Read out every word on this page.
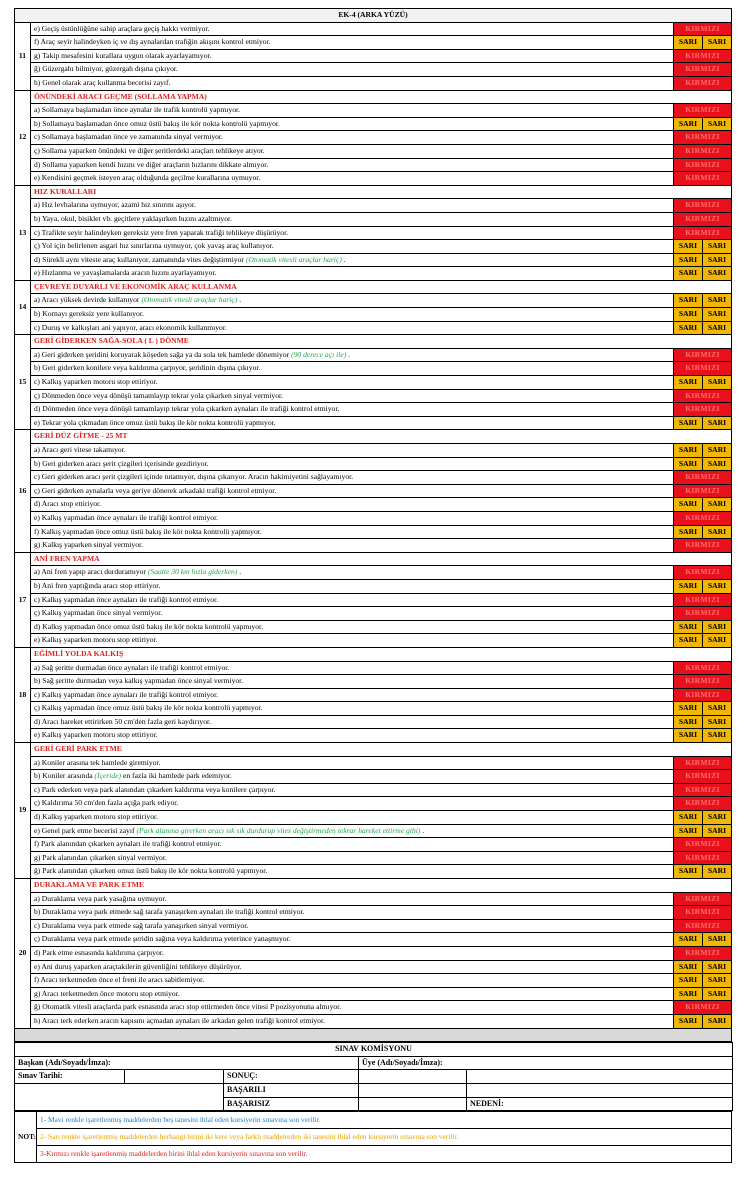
EK-4 (ARKA YÜZÜ)			
11	e) Geçiş üstünlüğüne sahip araçlara geçiş hakkı vermiyor.	KIRMIZI	
	f) Araç seyir halindeyken iç ve dış aynalardan trafiğin akışını kontrol etmiyor.	SARI	SARI
	g) Takip mesafesini kurallara uygun olarak ayarlayamıyor.	KIRMIZI	
	ğ) Güzergahı bilmiyor, güzergah dışına çıkıyor.	KIRMIZI	
	h) Genel olarak araç kullanma becerisi zayıf.	KIRMIZI	
12	ÖNÜNDEKİ ARACI GEÇME (SOLLAMA YAPMA)		
	a) Sollamaya başlamadan önce aynalar ile trafik kontrolü yapmıyor.	KIRMIZI	
	b) Sollamaya başlamadan önce omuz üstü bakış ile kör nokta kontrolü yapmıyor.	SARI	SARI
	c) Sollamaya başlamadan önce ve zamanında sinyal vermiyor.	KIRMIZI	
	ç) Sollama yaparken önündeki ve diğer şeritlerdeki araçları tehlikeye atıyor.	KIRMIZI	
	d) Sollama yaparken kendi hızını ve diğer araçların hızlarını dikkate almıyor.	KIRMIZI	
	e) Kendisini geçmek isteyen araç olduğunda geçilme kurallarına uymuyor.	KIRMIZI	
13	HIZ KURALLARI		
	a) Hız levhalarına uymuyor, azami hız sınırını aşıyor.	KIRMIZI	
	b) Yaya, okul, bisiklet vb. geçitlere yaklaşırken hızını azaltmıyor.	KIRMIZI	
	c) Trafikte seyir halindeyken gereksiz yere fren yaparak trafiği tehlikeye düşürüyor.	KIRMIZI	
	ç) Yol için belirlenen asgari hız sınırlarına uymuyor, çok yavaş araç kullanıyor.	SARI	SARI
	d) Sürekli aynı viteste araç kullanıyor, zamanında vites değiştirmiyor (Otomatik vitesli araçlar hariç) .	SARI	SARI
	e) Hızlanma ve yavaşlamalarda aracın hızını ayarlayamıyor.	SARI	SARI
14	ÇEVREYE DUYARLI VE EKONOMİK ARAÇ KULLANMA		
	a) Aracı yüksek devirde kullanıyor (Otomatik vitesli araçlar hariç) .	SARI	SARI
	b) Kornayı gereksiz yere kullanıyor.	SARI	SARI
	c) Duruş ve kalkışları ani yapıyor, aracı ekonomik kullanmıyor.	SARI	SARI
15	GERİ GİDERKEN SAĞA-SOLA ( L ) DÖNME		
	a) Geri giderken şeridini koruyarak köşeden sağa ya da sola tek hamlede dönemiyor (90 derece açı ile) .	KIRMIZI	
	b) Geri giderken konilere veya kaldırıma çarpıyor, şeridinin dışına çıkıyor.	KIRMIZI	
	c) Kalkış yaparken motoru stop ettiriyor.	SARI	SARI
	ç) Dönmeden önce veya dönüşü tamamlayıp tekrar yola çıkarken sinyal vermiyor.	KIRMIZI	
	d) Dönmeden önce veya dönüşü tamamlayıp tekrar yola çıkarken aynaları ile trafiği kontrol etmiyor.	KIRMIZI	
	e) Tekrar yola çıkmadan önce omuz üstü bakış ile kör nokta kontrolü yapmıyor.	SARI	SARI
16	GERİ DÜZ GİTME - 25 MT		
	a) Aracı geri vitese takamıyor.	SARI	SARI
	b) Geri giderken aracı şerit çizgileri içerisinde gezdiriyor.	SARI	SARI
	c) Geri giderken aracı şerit çizgileri içinde tutamıyor, dışına çıkarıyor. Aracın hakimiyetini sağlayamıyor.	KIRMIZI	
	ç) Geri giderken aynalarla veya geriye dönerek arkadaki trafiği kontrol etmiyor.	KIRMIZI	
	d) Aracı stop ettiriyor.	SARI	SARI
	e) Kalkış yapmadan önce aynaları ile trafiği kontrol etmiyor.	KIRMIZI	
	f) Kalkış yapmadan önce omuz üstü bakış ile kör nokta kontrolü yapmıyor.	SARI	SARI
	g) Kalkış yaparken sinyal vermiyor.	KIRMIZI	
17	ANİ FREN YAPMA		
	a) Ani fren yapıp aracı durduramıyor (Saatte 30 km hızla giderken) .	KIRMIZI	
	b) Ani fren yaptığında aracı stop ettiriyor.	SARI	SARI
	c) Kalkış yapmadan önce aynaları ile trafiği kontrol etmiyor.	KIRMIZI	
	ç) Kalkış yapmadan önce sinyal vermiyor.	KIRMIZI	
	d) Kalkış yapmadan önce omuz üstü bakış ile kör nokta kontrolü yapmıyor.	SARI	SARI
	e) Kalkış yaparken motoru stop ettiriyor.	SARI	SARI
18	EĞİMLİ YOLDA KALKIŞ		
	a) Sağ şeritte durmadan önce aynaları ile trafiği kontrol etmiyor.	KIRMIZI	
	b) Sağ şeritte durmadan veya kalkış yapmadan önce sinyal vermiyor.	KIRMIZI	
	c) Kalkış yapmadan önce aynaları ile trafiği kontrol etmiyor.	KIRMIZI	
	ç) Kalkış yapmadan önce omuz üstü bakış ile kör nokta kontrolü yapmıyor.	SARI	SARI
	d) Aracı hareket ettirirken 50 cm'den fazla geri kaydırıyor.	SARI	SARI
	e) Kalkış yaparken motoru stop ettiriyor.	SARI	SARI
19	GERİ GERİ PARK ETME		
	a) Koniler arasına tek hamlede giremiyor.	KIRMIZI	
	b) Koniler arasında (İçeride) en fazla iki hamlede park edemiyor.	KIRMIZI	
	c) Park ederken veya park alanından çıkarken kaldırıma veya konilere çarpıyor.	KIRMIZI	
	ç) Kaldırıma 50 cm'den fazla açığa park ediyor.	KIRMIZI	
	d) Kalkış yaparken motoru stop ettiriyor.	SARI	SARI
	e) Genel park etme becerisi zayıf (Park alanına girerken aracı sık sık durdurup vites değiştirmeden tekrar hareket ettirme gibi) .	SARI	SARI
	f) Park alanından çıkarken aynaları ile trafiği kontrol etmiyor.	KIRMIZI	
	g) Park alanından çıkarken sinyal vermiyor.	KIRMIZI	
	ğ) Park alanından çıkarken omuz üstü bakış ile kör nokta kontrolü yapmıyor.	SARI	SARI
20	DURAKLAMA VE PARK ETME		
	a) Duraklama veya park yasağına uymuyor.	KIRMIZI	
	b) Duraklama veya park etmede sağ tarafa yanaşırken aynaları ile trafiği kontrol etmiyor.	KIRMIZI	
	c) Duraklama veya park etmede sağ tarafa yanaşırken sinyal vermiyor.	KIRMIZI	
	ç) Duraklama veya park etmede şeridin sağına veya kaldırıma yeterince yanaşmıyor.	SARI	SARI
	d) Park etme esnasında kaldırıma çarpıyor.	KIRMIZI	
	e) Ani duruş yaparken araçtakilerin güvenliğini tehlikeye düşürüyor.	SARI	SARI
	f) Aracı terketmeden önce el freni ile aracı sabitlemiyor.	SARI	SARI
	g) Aracı terketmeden önce motoru stop etmiyor.	SARI	SARI
	ğ) Otomatik vitesli araçlarda park esnasında aracı stop ettirmeden önce vitesi P pozisyonuna almıyor.	KIRMIZI	
	h) Aracı terk ederken aracın kapısını açmadan aynaları ile arkadan gelen trafiği kontrol etmiyor.	SARI	SARI

SINAV KOMİSYONU				
Başkan (Adı/Soyadı/İmza):			Üye (Adı/Soyadı/İmza):	
Sınav Tarihi:		SONUÇ:		
		BAŞARILI		
		BAŞARISIZ		NEDENİ:
NOT:	1- Mavi renkle işaretlenmiş maddelerden beş tanesini ihlal eden kursiyerin sınavına son verilir.
2- Sarı renkle işaretlenmiş maddelerden herhangi birini iki kere veya farklı maddelerden iki tanesini ihlal eden kursiyerin sınavına son verilir.
3-Kırmızı renkle işaretlenmiş maddelerden birini ihlal eden kursiyerin sınavına son verilir.
